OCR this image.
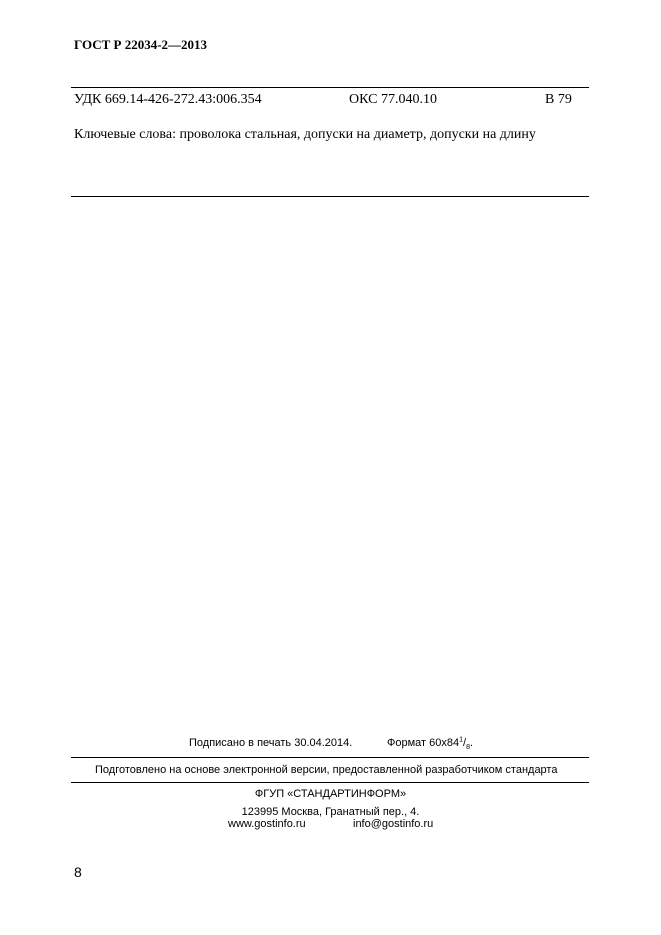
ГОСТ Р 22034-2—2013
УДК 669.14-426-272.43:006.354	ОКС 77.040.10	В 79
Ключевые слова: проволока стальная, допуски на диаметр, допуски на длину
Подписано в печать 30.04.2014.	Формат $60х84^1/_8$.
Подготовлено на основе электронной версии, предоставленной разработчиком стандарта
ФГУП «СТАНДАРТИНФОРМ»
123995 Москва, Гранатный пер., 4.
www.gostinfo.ru	info@gostinfo.ru
8
